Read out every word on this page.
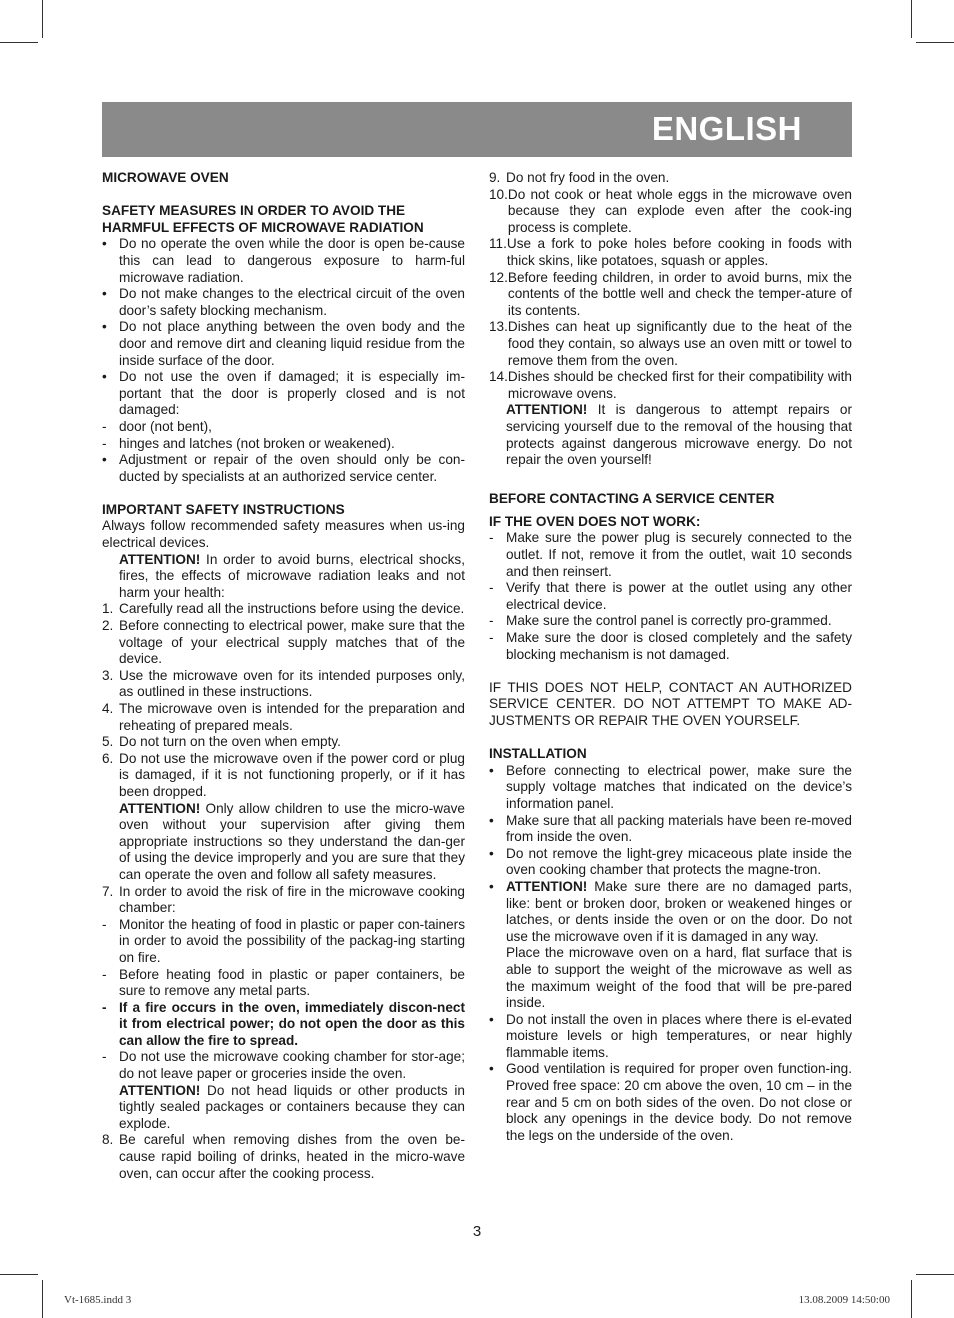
ENGLISH

MICROWAVE OVEN

SAFETY MEASURES IN ORDER TO AVOID THE

HARMFUL EFFECTS OF MICROWAVE RADIATION

• Do no operate the oven while the door is open be-cause this can lead to dangerous exposure to harm-ful microwave radiation.
• Do not make changes to the electrical circuit of the oven door’s safety blocking mechanism.
• Do not place anything between the oven body and the door and remove dirt and cleaning liquid residue from the inside surface of the door.
• Do not use the oven if damaged; it is especially im-portant that the door is properly closed and is not damaged:
- door (not bent),
- hinges and latches (not broken or weakened).
• Adjustment or repair of the oven should only be con-ducted by specialists at an authorized service center.

IMPORTANT SAFETY INSTRUCTIONS

Always follow recommended safety measures when us-ing electrical devices.

ATTENTION! In order to avoid burns, electrical shocks, fires, the effects of microwave radiation leaks and not harm your health:

1. Carefully read all the instructions before using the device.
2. Before connecting to electrical power, make sure that the voltage of your electrical supply matches that of the device.
3. Use the microwave oven for its intended purposes only, as outlined in these instructions.
4. The microwave oven is intended for the preparation and reheating of prepared meals.
5. Do not turn on the oven when empty.
6. Do not use the microwave oven if the power cord or plug is damaged, if it is not functioning properly, or if it has been dropped.

ATTENTION! Only allow children to use the micro-wave oven without your supervision after giving them appropriate instructions so they understand the dan-ger of using the device improperly and you are sure that they can operate the oven and follow all safety measures.

7. In order to avoid the risk of fire in the microwave cooking chamber:
- Monitor the heating of food in plastic or paper con-tainers in order to avoid the possibility of the packag-ing starting on fire.
- Before heating food in plastic or paper containers, be sure to remove any metal parts.
- If a fire occurs in the oven, immediately discon-nect it from electrical power; do not open the door as this can allow the fire to spread.
- Do not use the microwave cooking chamber for stor-age; do not leave paper or groceries inside the oven.

ATTENTION! Do not head liquids or other products in tightly sealed packages or containers because they can explode.

8. Be careful when removing dishes from the oven be-cause rapid boiling of drinks, heated in the micro-wave oven, can occur after the cooking process.
9. Do not fry food in the oven.
10. Do not cook or heat whole eggs in the microwave oven because they can explode even after the cook-ing process is complete.
11. Use a fork to poke holes before cooking in foods with thick skins, like potatoes, squash or apples.
12. Before feeding children, in order to avoid burns, mix the contents of the bottle well and check the temper-ature of its contents.
13. Dishes can heat up significantly due to the heat of the food they contain, so always use an oven mitt or towel to remove them from the oven.
14. Dishes should be checked first for their compatibility with microwave ovens.

ATTENTION! It is dangerous to attempt repairs or servicing yourself due to the removal of the housing that protects against dangerous microwave energy. Do not repair the oven yourself!

BEFORE CONTACTING A SERVICE CENTER

IF THE OVEN DOES NOT WORK:

- Make sure the power plug is securely connected to the outlet. If not, remove it from the outlet, wait 10 seconds and then reinsert.
- Verify that there is power at the outlet using any other electrical device.
- Make sure the control panel is correctly pro-grammed.
- Make sure the door is closed completely and the safety blocking mechanism is not damaged.

IF THIS DOES NOT HELP, CONTACT AN AUTHORIZED SERVICE CENTER. DO NOT ATTEMPT TO MAKE AD-JUSTMENTS OR REPAIR THE OVEN YOURSELF.

INSTALLATION

• Before connecting to electrical power, make sure the supply voltage matches that indicated on the device’s information panel.
• Make sure that all packing materials have been re-moved from inside the oven.
• Do not remove the light-grey micaceous plate inside the oven cooking chamber that protects the magne-tron.
• ATTENTION! Make sure there are no damaged parts, like: bent or broken door, broken or weakened hinges or latches, or dents inside the oven or on the door. Do not use the microwave oven if it is damaged in any way.

Place the microwave oven on a hard, flat surface that is able to support the weight of the microwave as well as the maximum weight of the food that will be pre-pared inside.

• Do not install the oven in places where there is el-evated moisture levels or high temperatures, or near highly flammable items.
• Good ventilation is required for proper oven function-ing. Proved free space: 20 cm above the oven, 10 cm – in the rear and 5 cm on both sides of the oven. Do not close or block any openings in the device body. Do not remove the legs on the underside of the oven.
3
Vt-1685.indd 3	13.08.2009 14:50:00
